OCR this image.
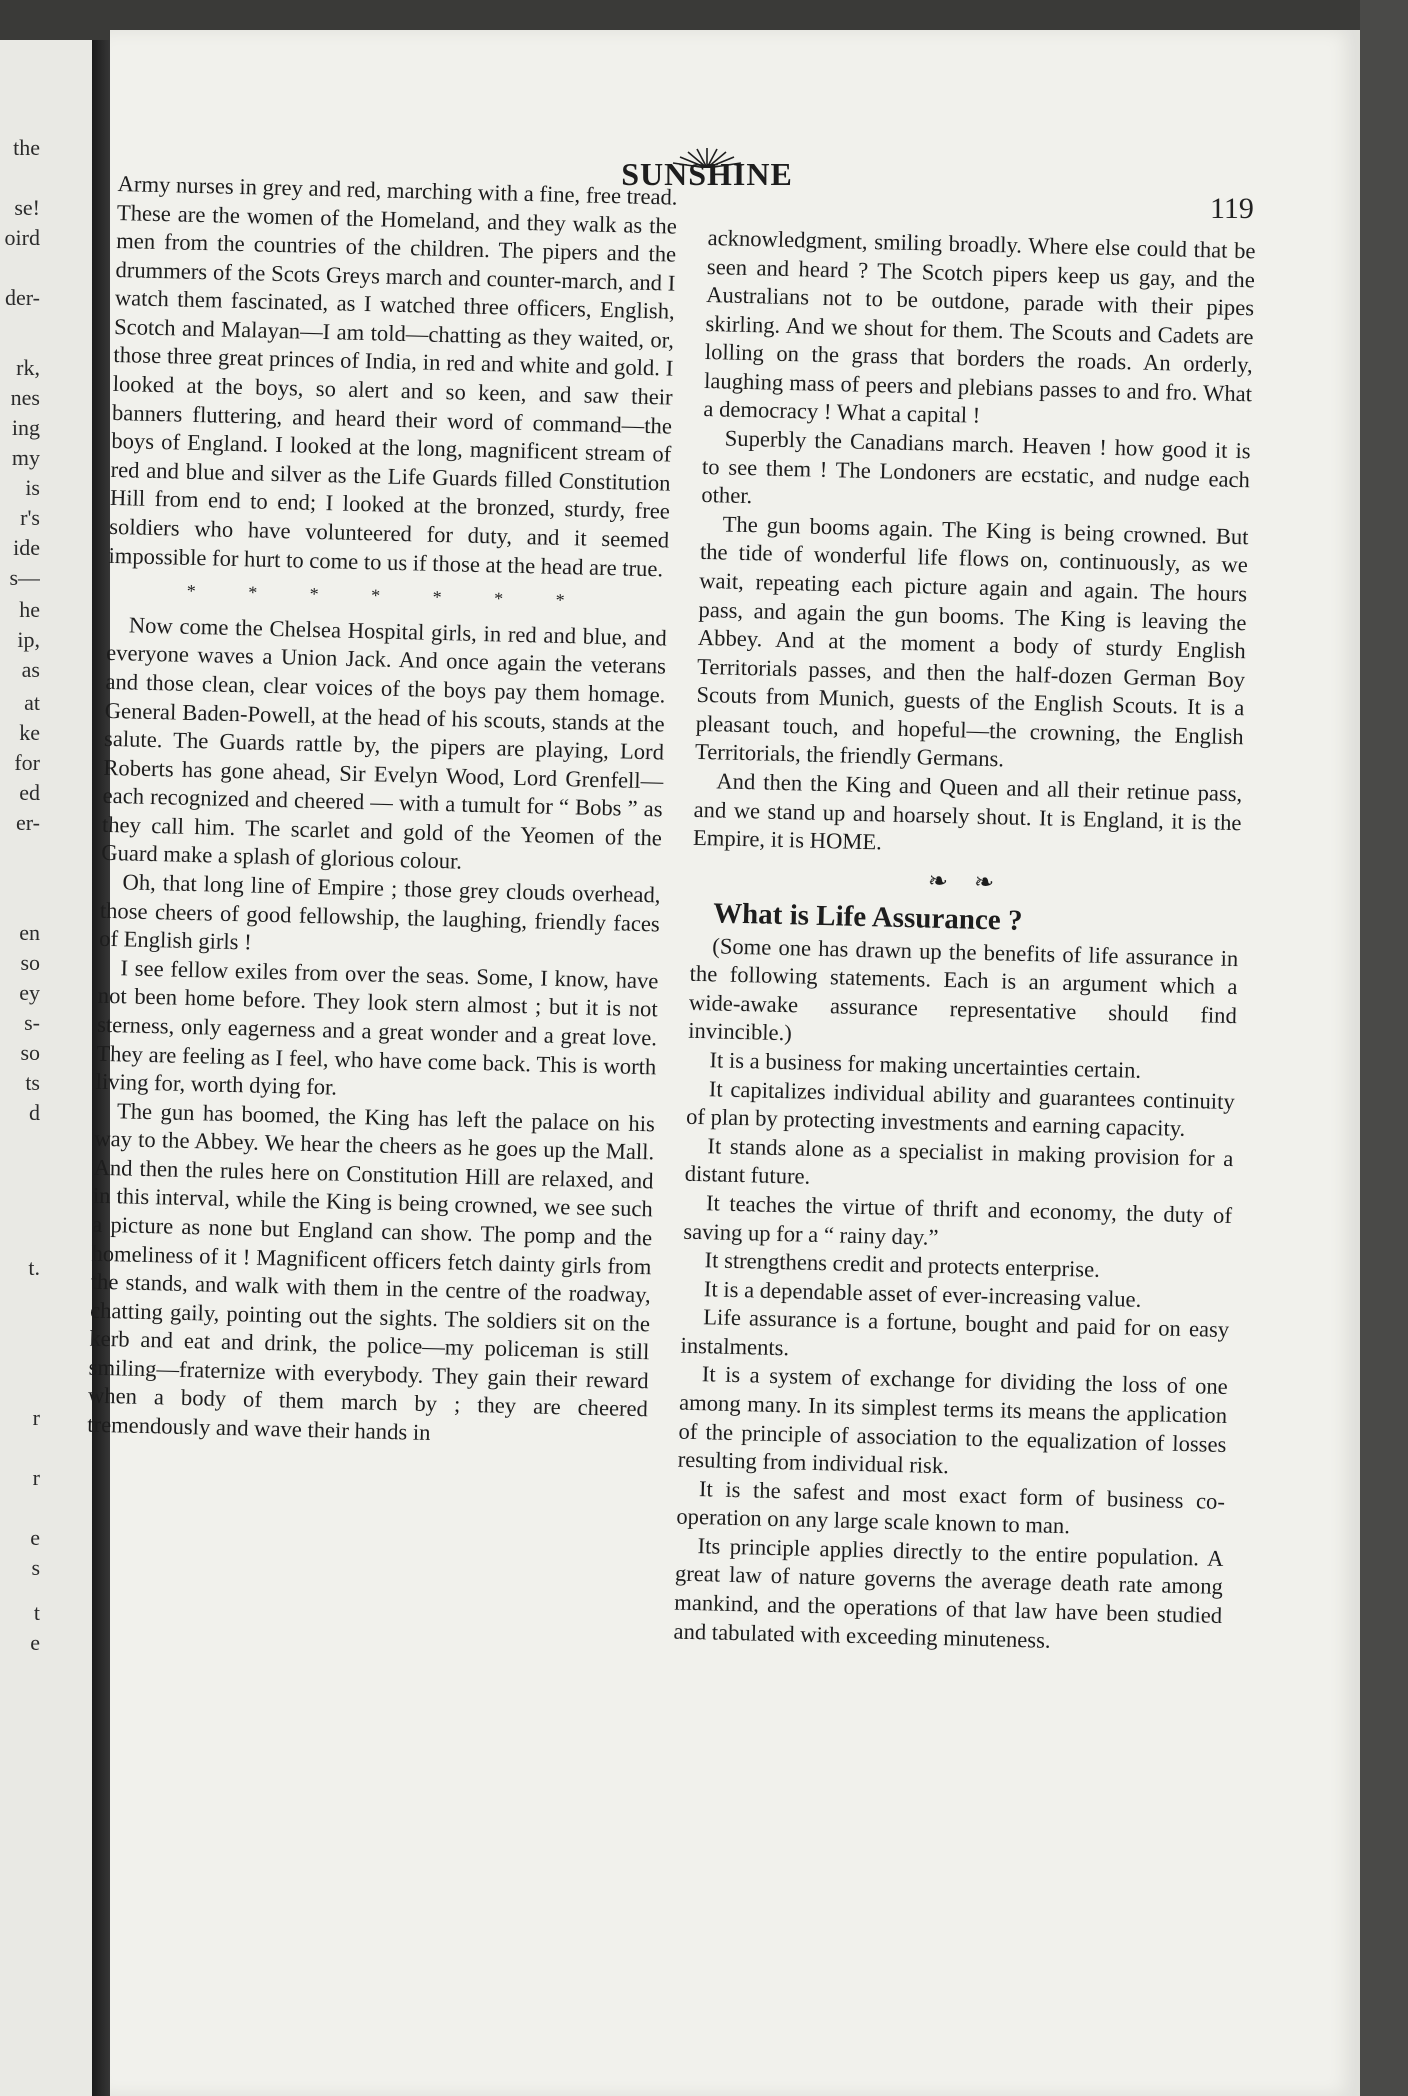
the
se!
oird
der-
rk,
nes
ing
my
is
r's
ide
s—
he
ip,
as
at
ke
for
ed
er-
en
so
ey
s-
so
ts
d
t.
r
r
e
s
t
e
SUNSHINE
119

Army nurses in grey and red, marching with a fine, free tread. These are the women of the Homeland, and they walk as the men from the countries of the children. The pipers and the drummers of the Scots Greys march and counter-march, and I watch them fascinated, as I watched three officers, English, Scotch and Malayan—I am told—chatting as they waited, or, those three great princes of India, in red and white and gold. I looked at the boys, so alert and so keen, and saw their banners fluttering, and heard their word of command—the boys of England. I looked at the long, magnificent stream of red and blue and silver as the Life Guards filled Constitution Hill from end to end; I looked at the bronzed, sturdy, free soldiers who have volunteered for duty, and it seemed impossible for hurt to come to us if those at the head are true.

* * * * * * *

Now come the Chelsea Hospital girls, in red and blue, and everyone waves a Union Jack. And once again the veterans and those clean, clear voices of the boys pay them homage. General Baden-Powell, at the head of his scouts, stands at the salute. The Guards rattle by, the pipers are playing, Lord Roberts has gone ahead, Sir Evelyn Wood, Lord Grenfell—each recognized and cheered — with a tumult for “ Bobs ” as they call him. The scarlet and gold of the Yeomen of the Guard make a splash of glorious colour.

Oh, that long line of Empire ; those grey clouds overhead, those cheers of good fellowship, the laughing, friendly faces of English girls !

I see fellow exiles from over the seas. Some, I know, have not been home before. They look stern almost ; but it is not sterness, only eagerness and a great wonder and a great love. They are feeling as I feel, who have come back. This is worth living for, worth dying for.

The gun has boomed, the King has left the palace on his way to the Abbey. We hear the cheers as he goes up the Mall. And then the rules here on Constitution Hill are relaxed, and in this interval, while the King is being crowned, we see such a picture as none but England can show. The pomp and the homeliness of it ! Magnificent officers fetch dainty girls from the stands, and walk with them in the centre of the roadway, chatting gaily, pointing out the sights. The soldiers sit on the kerb and eat and drink, the police—my policeman is still smiling—fraternize with everybody. They gain their reward when a body of them march by ; they are cheered tremendously and wave their hands in

acknowledgment, smiling broadly. Where else could that be seen and heard ? The Scotch pipers keep us gay, and the Australians not to be outdone, parade with their pipes skirling. And we shout for them. The Scouts and Cadets are lolling on the grass that borders the roads. An orderly, laughing mass of peers and plebians passes to and fro. What a democracy ! What a capital !

Superbly the Canadians march. Heaven ! how good it is to see them ! The Londoners are ecstatic, and nudge each other.

The gun booms again. The King is being crowned. But the tide of wonderful life flows on, continuously, as we wait, repeating each picture again and again. The hours pass, and again the gun booms. The King is leaving the Abbey. And at the moment a body of sturdy English Territorials passes, and then the half-dozen German Boy Scouts from Munich, guests of the English Scouts. It is a pleasant touch, and hopeful—the crowning, the English Territorials, the friendly Germans.

And then the King and Queen and all their retinue pass, and we stand up and hoarsely shout. It is England, it is the Empire, it is HOME.

❧ ❧

What is Life Assurance ?

(Some one has drawn up the benefits of life assurance in the following statements. Each is an argument which a wide-awake assurance representative should find invincible.)

It is a business for making uncertainties certain.

It capitalizes individual ability and guarantees continuity of plan by protecting investments and earning capacity.

It stands alone as a specialist in making provision for a distant future.

It teaches the virtue of thrift and economy, the duty of saving up for a “ rainy day.”

It strengthens credit and protects enterprise.

It is a dependable asset of ever-increasing value.

Life assurance is a fortune, bought and paid for on easy instalments.

It is a system of exchange for dividing the loss of one among many. In its simplest terms its means the application of the principle of association to the equalization of losses resulting from individual risk.

It is the safest and most exact form of business co-operation on any large scale known to man.

Its principle applies directly to the entire population. A great law of nature governs the average death rate among mankind, and the operations of that law have been studied and tabulated with exceeding minuteness.
